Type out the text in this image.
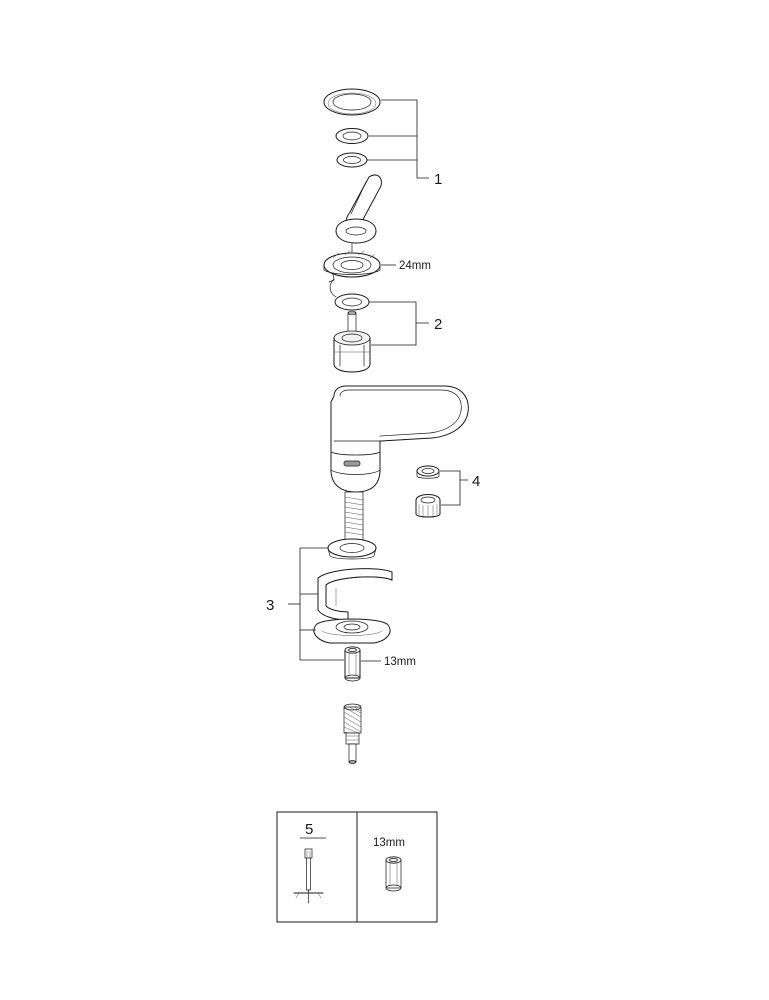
1
24mm
2
4
13mm
3
5
13mm
